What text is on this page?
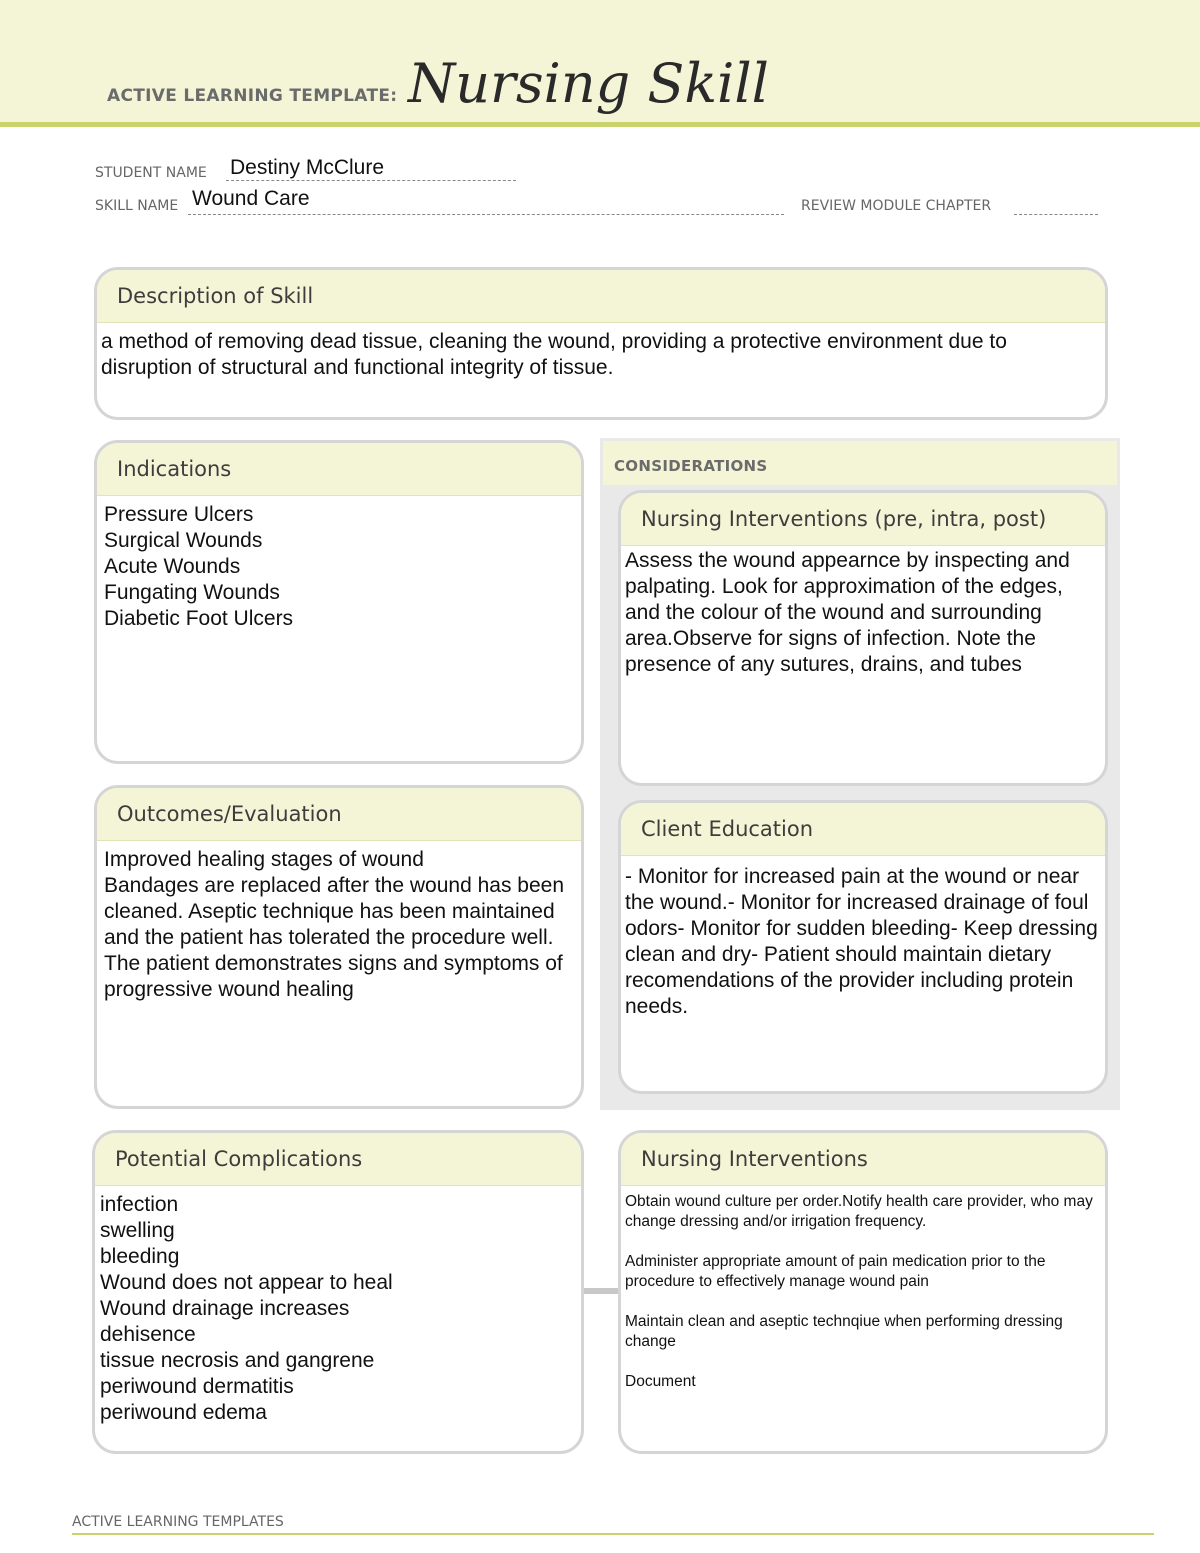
ACTIVE LEARNING TEMPLATE: Nursing Skill
STUDENT NAME Destiny McClure
SKILL NAME Wound Care	REVIEW MODULE CHAPTER
Description of Skill
a method of removing dead tissue, cleaning the wound, providing a protective environment due to disruption of structural and functional integrity of tissue.
Indications
Pressure Ulcers
Surgical Wounds
Acute Wounds
Fungating Wounds
Diabetic Foot Ulcers
CONSIDERATIONS
Nursing Interventions (pre, intra, post)
Assess the wound appearnce by inspecting and palpating. Look for approximation of the edges, and the colour of the wound and surrounding area.Observe for signs of infection. Note the presence of any sutures, drains, and tubes
Client Education
- Monitor for increased pain at the wound or near the wound.- Monitor for increased drainage of foul odors- Monitor for sudden bleeding- Keep dressing clean and dry- Patient should maintain dietary recomendations of the provider including protein needs.
Outcomes/Evaluation
Improved healing stages of wound
Bandages are replaced after the wound has been cleaned. Aseptic technique has been maintained and the patient has tolerated the procedure well. The patient demonstrates signs and symptoms of progressive wound healing
Potential Complications
infection
swelling
bleeding
Wound does not appear to heal
Wound drainage increases
dehisence
tissue necrosis and gangrene
periwound dermatitis
periwound edema
Nursing Interventions
Obtain wound culture per order.Notify health care provider, who may change dressing and/or irrigation frequency.

Administer appropriate amount of pain medication prior to the procedure to effectively manage wound pain

Maintain clean and aseptic technqiue when performing dressing change

Document
ACTIVE LEARNING TEMPLATES
